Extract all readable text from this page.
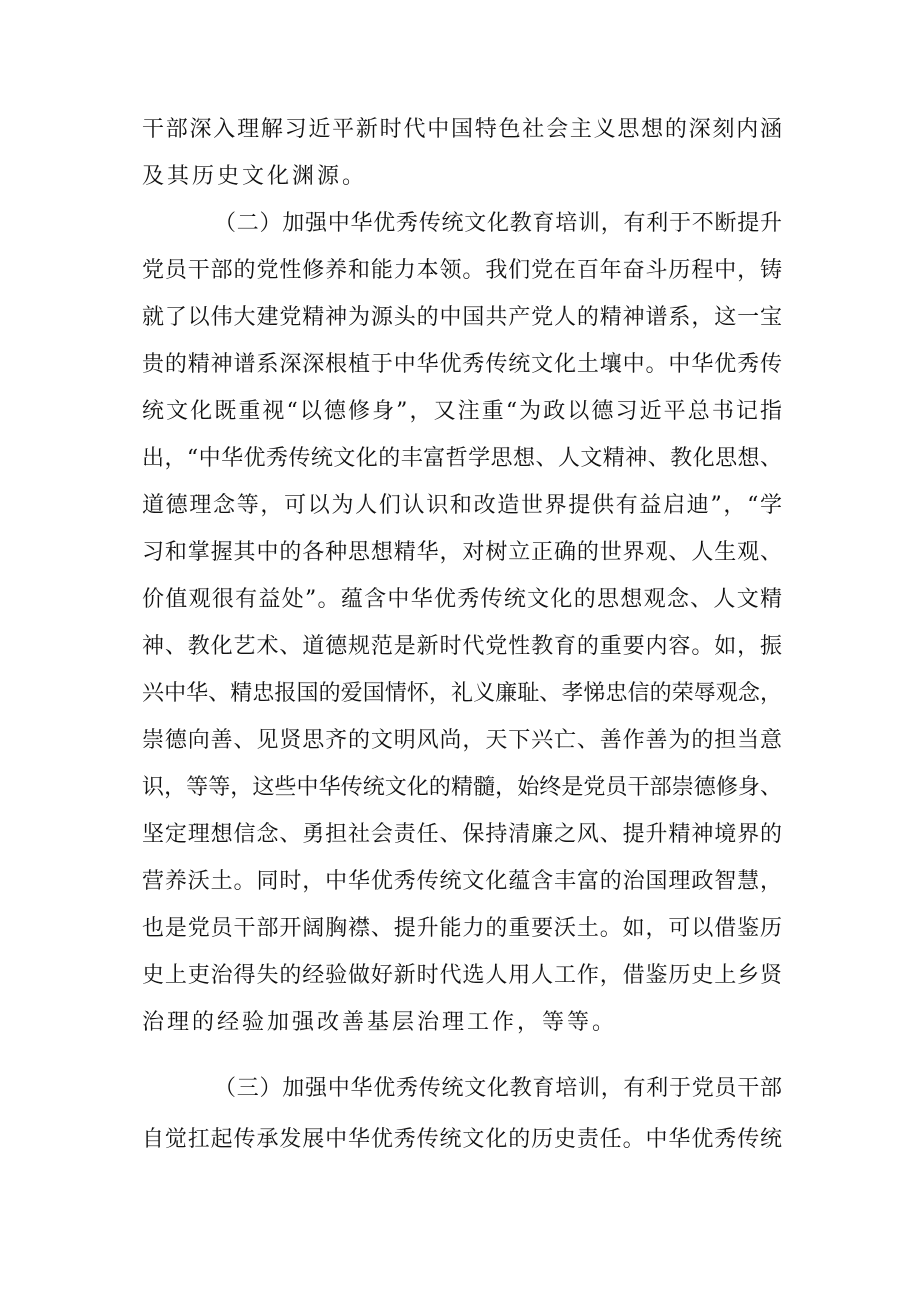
干部深入理解习近平新时代中国特色社会主义思想的深刻内涵

及其历史文化渊源。

（二）加强中华优秀传统文化教育培训，有利于不断提升

党员干部的党性修养和能力本领。我们党在百年奋斗历程中，铸

就了以伟大建党精神为源头的中国共产党人的精神谱系，这一宝

贵的精神谱系深深根植于中华优秀传统文化土壤中。中华优秀传

统文化既重视“以德修身”，又注重“为政以德习近平总书记指

出，“中华优秀传统文化的丰富哲学思想、人文精神、教化思想、

道德理念等，可以为人们认识和改造世界提供有益启迪”，“学

习和掌握其中的各种思想精华，对树立正确的世界观、人生观、

价值观很有益处”。蕴含中华优秀传统文化的思想观念、人文精

神、教化艺术、道德规范是新时代党性教育的重要内容。如，振

兴中华、精忠报国的爱国情怀，礼义廉耻、孝悌忠信的荣辱观念，

崇德向善、见贤思齐的文明风尚，天下兴亡、善作善为的担当意

识，等等，这些中华传统文化的精髓，始终是党员干部崇德修身、

坚定理想信念、勇担社会责任、保持清廉之风、提升精神境界的

营养沃土。同时，中华优秀传统文化蕴含丰富的治国理政智慧，

也是党员干部开阔胸襟、提升能力的重要沃土。如，可以借鉴历

史上吏治得失的经验做好新时代选人用人工作，借鉴历史上乡贤

治理的经验加强改善基层治理工作，等等。

（三）加强中华优秀传统文化教育培训，有利于党员干部

自觉扛起传承发展中华优秀传统文化的历史责任。中华优秀传统
